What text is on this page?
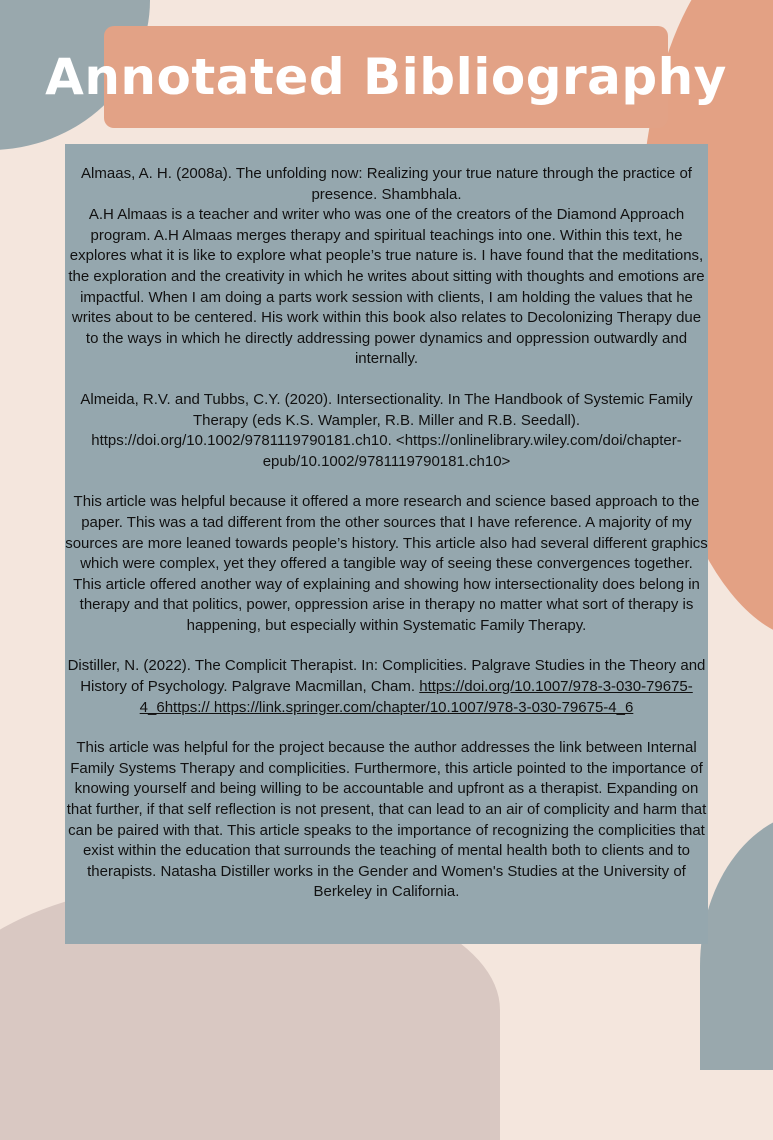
Annotated Bibliography

Almaas, A. H. (2008a). The unfolding now: Realizing your true nature through the practice of presence. Shambhala.

A.H Almaas is a teacher and writer who was one of the creators of the Diamond Approach program. A.H Almaas merges therapy and spiritual teachings into one. Within this text, he explores what it is like to explore what people’s true nature is. I have found that the meditations, the exploration and the creativity in which he writes about sitting with thoughts and emotions are impactful. When I am doing a parts work session with clients, I am holding the values that he writes about to be centered. His work within this book also relates to Decolonizing Therapy due to the ways in which he directly addressing power dynamics and oppression outwardly and internally.

Almeida, R.V. and Tubbs, C.Y. (2020). Intersectionality. In The Handbook of Systemic Family Therapy (eds K.S. Wampler, R.B. Miller and R.B. Seedall). https://doi.org/10.1002/9781119790181.ch10. <https://onlinelibrary.wiley.com/doi/chapter-epub/10.1002/9781119790181.ch10>

This article was helpful because it offered a more research and science based approach to the paper. This was a tad different from the other sources that I have reference. A majority of my sources are more leaned towards people’s history. This article also had several different graphics which were complex, yet they offered a tangible way of seeing these convergences together. This article offered another way of explaining and showing how intersectionality does belong in therapy and that politics, power, oppression arise in therapy no matter what sort of therapy is happening, but especially within Systematic Family Therapy.

Distiller, N. (2022). The Complicit Therapist. In: Complicities. Palgrave Studies in the Theory and History of Psychology. Palgrave Macmillan, Cham. https://doi.org/10.1007/978-3-030-79675-4_6https:// https://link.springer.com/chapter/10.1007/978-3-030-79675-4_6

This article was helpful for the project because the author addresses the link between Internal Family Systems Therapy and complicities. Furthermore, this article pointed to the importance of knowing yourself and being willing to be accountable and upfront as a therapist. Expanding on that further, if that self reflection is not present, that can lead to an air of complicity and harm that can be paired with that. This article speaks to the importance of recognizing the complicities that exist within the education that surrounds the teaching of mental health both to clients and to therapists. Natasha Distiller works in the Gender and Women's Studies at the University of Berkeley in California.
